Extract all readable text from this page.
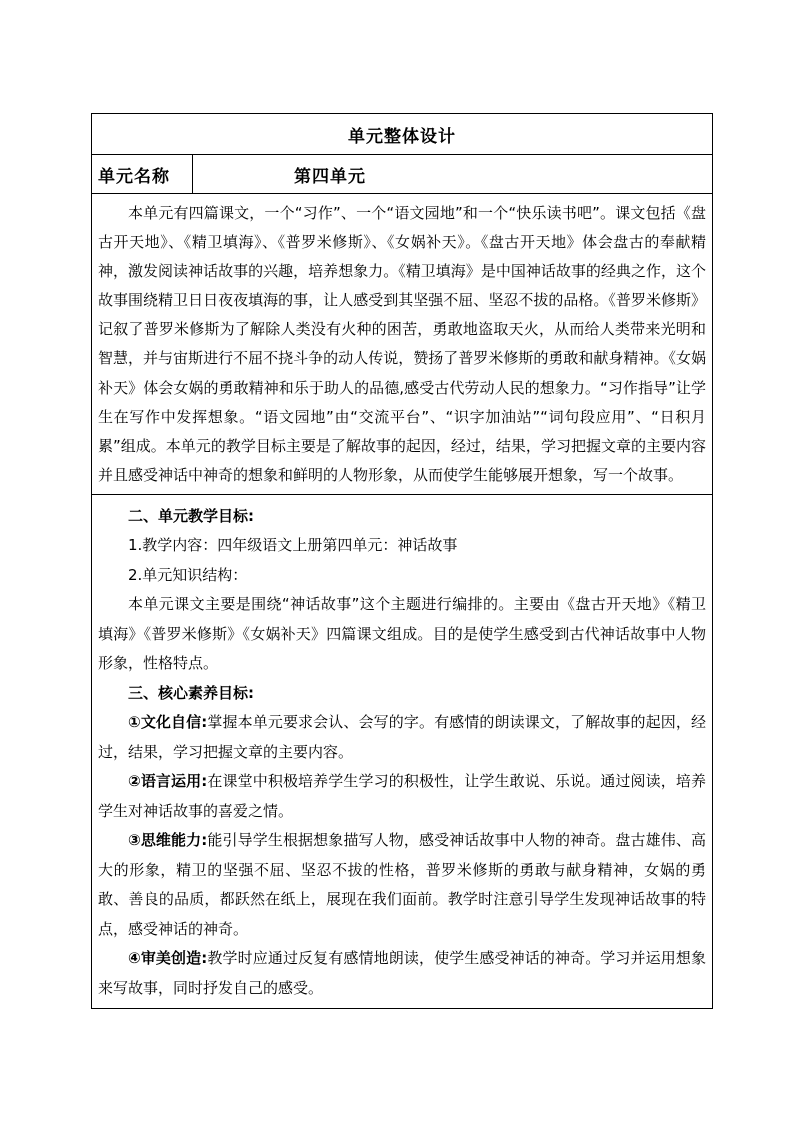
单元整体设计
单元名称	第四单元

本单元有四篇课文，一个“习作”、一个“语文园地”和一个“快乐读书吧”。课文包括《盘古开天地》、《精卫填海》、《普罗米修斯》、《女娲补天》。《盘古开天地》体会盘古的奉献精神，激发阅读神话故事的兴趣，培养想象力。《精卫填海》是中国神话故事的经典之作，这个故事围绕精卫日日夜夜填海的事，让人感受到其坚强不屈、坚忍不拔的品格。《普罗米修斯》记叙了普罗米修斯为了解除人类没有火种的困苦，勇敢地盗取天火，从而给人类带来光明和智慧，并与宙斯进行不屈不挠斗争的动人传说，赞扬了普罗米修斯的勇敢和献身精神。《女娲补天》体会女娲的勇敢精神和乐于助人的品德,感受古代劳动人民的想象力。“习作指导”让学生在写作中发挥想象。“语文园地”由“交流平台”、“识字加油站”“词句段应用”、“日积月累”组成。本单元的教学目标主要是了解故事的起因，经过，结果，学习把握文章的主要内容并且感受神话中神奇的想象和鲜明的人物形象，从而使学生能够展开想象，写一个故事。

二、单元教学目标:

1.教学内容：四年级语文上册第四单元：神话故事

2.单元知识结构：

本单元课文主要是围绕“神话故事”这个主题进行编排的。主要由《盘古开天地》《精卫填海》《普罗米修斯》《女娲补天》四篇课文组成。目的是使学生感受到古代神话故事中人物形象，性格特点。

三、核心素养目标:

①文化自信:掌握本单元要求会认、会写的字。有感情的朗读课文，了解故事的起因，经过，结果，学习把握文章的主要内容。

②语言运用:在课堂中积极培养学生学习的积极性，让学生敢说、乐说。通过阅读，培养学生对神话故事的喜爱之情。

③思维能力:能引导学生根据想象描写人物，感受神话故事中人物的神奇。盘古雄伟、高大的形象，精卫的坚强不屈、坚忍不拔的性格，普罗米修斯的勇敢与献身精神，女娲的勇敢、善良的品质，都跃然在纸上，展现在我们面前。教学时注意引导学生发现神话故事的特点，感受神话的神奇。

④审美创造:教学时应通过反复有感情地朗读，使学生感受神话的神奇。学习并运用想象来写故事，同时抒发自己的感受。
